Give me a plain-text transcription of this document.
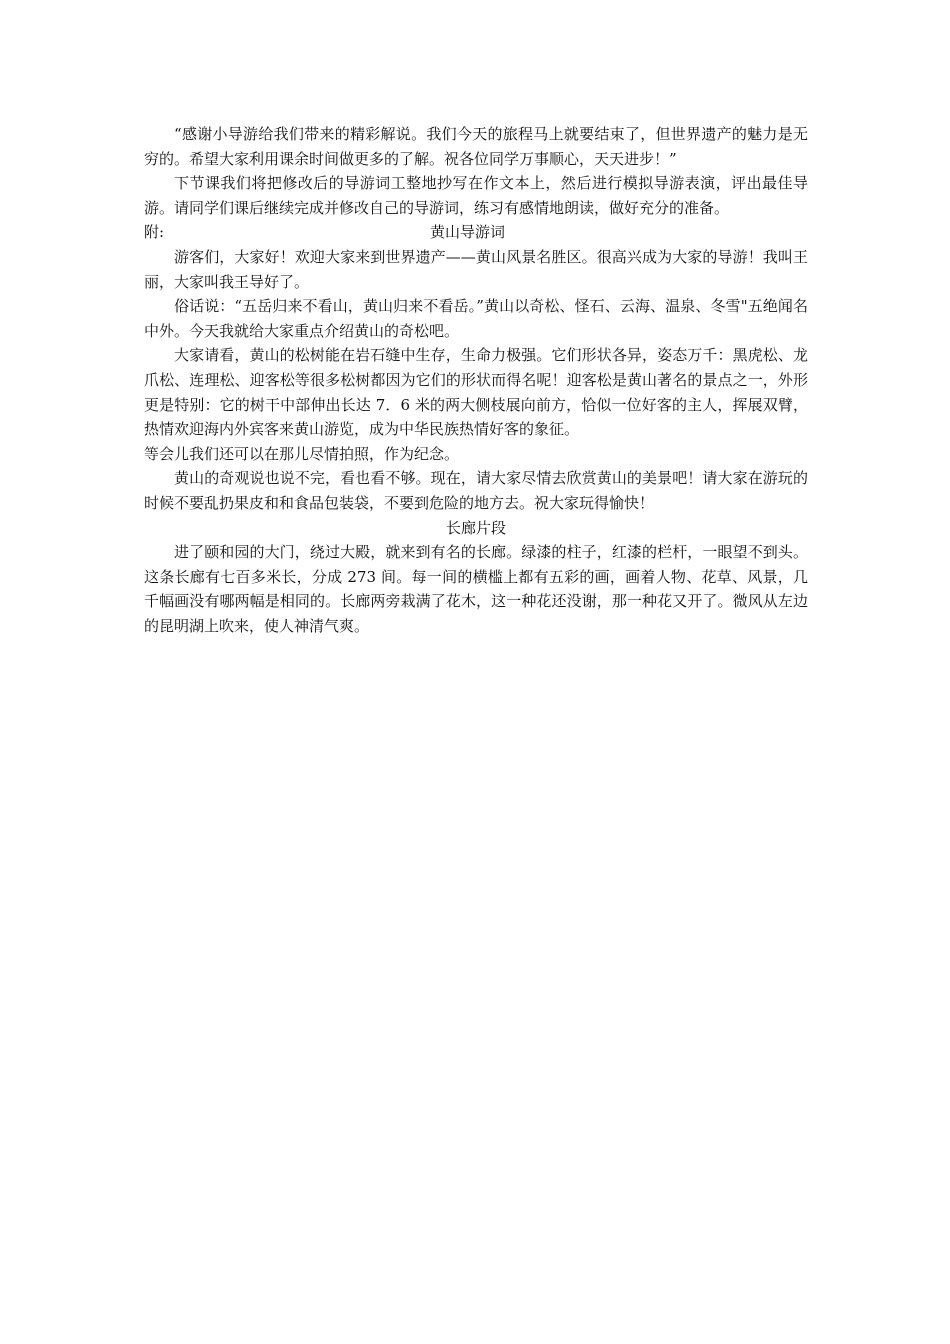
“感谢小导游给我们带来的精彩解说。我们今天的旅程马上就要结束了，但世界遗产的魅力是无穷的。希望大家利用课余时间做更多的了解。祝各位同学万事顺心，天天进步！”

下节课我们将把修改后的导游词工整地抄写在作文本上，然后进行模拟导游表演，评出最佳导游。请同学们课后继续完成并修改自己的导游词，练习有感情地朗读，做好充分的准备。

附:	黄山导游词

游客们，大家好！欢迎大家来到世界遗产——黄山风景名胜区。很高兴成为大家的导游！我叫王丽，大家叫我王导好了。

俗话说：“五岳归来不看山，黄山归来不看岳。”黄山以奇松、怪石、云海、温泉、冬雪"五绝闻名中外。今天我就给大家重点介绍黄山的奇松吧。

大家请看，黄山的松树能在岩石缝中生存，生命力极强。它们形状各异，姿态万千：黑虎松、龙爪松、连理松、迎客松等很多松树都因为它们的形状而得名呢！迎客松是黄山著名的景点之一，外形更是特别：它的树干中部伸出长达 7．6 米的两大侧枝展向前方，恰似一位好客的主人，挥展双臂，热情欢迎海内外宾客来黄山游览，成为中华民族热情好客的象征。

等会儿我们还可以在那儿尽情拍照，作为纪念。

黄山的奇观说也说不完，看也看不够。现在，请大家尽情去欣赏黄山的美景吧！请大家在游玩的时候不要乱扔果皮和和食品包装袋，不要到危险的地方去。祝大家玩得愉快！

长廊片段

进了颐和园的大门，绕过大殿，就来到有名的长廊。绿漆的柱子，红漆的栏杆，一眼望不到头。这条长廊有七百多米长，分成 273 间。每一间的横槛上都有五彩的画，画着人物、花草、风景，几千幅画没有哪两幅是相同的。长廊两旁栽满了花木，这一种花还没谢，那一种花又开了。微风从左边的昆明湖上吹来，使人神清气爽。
